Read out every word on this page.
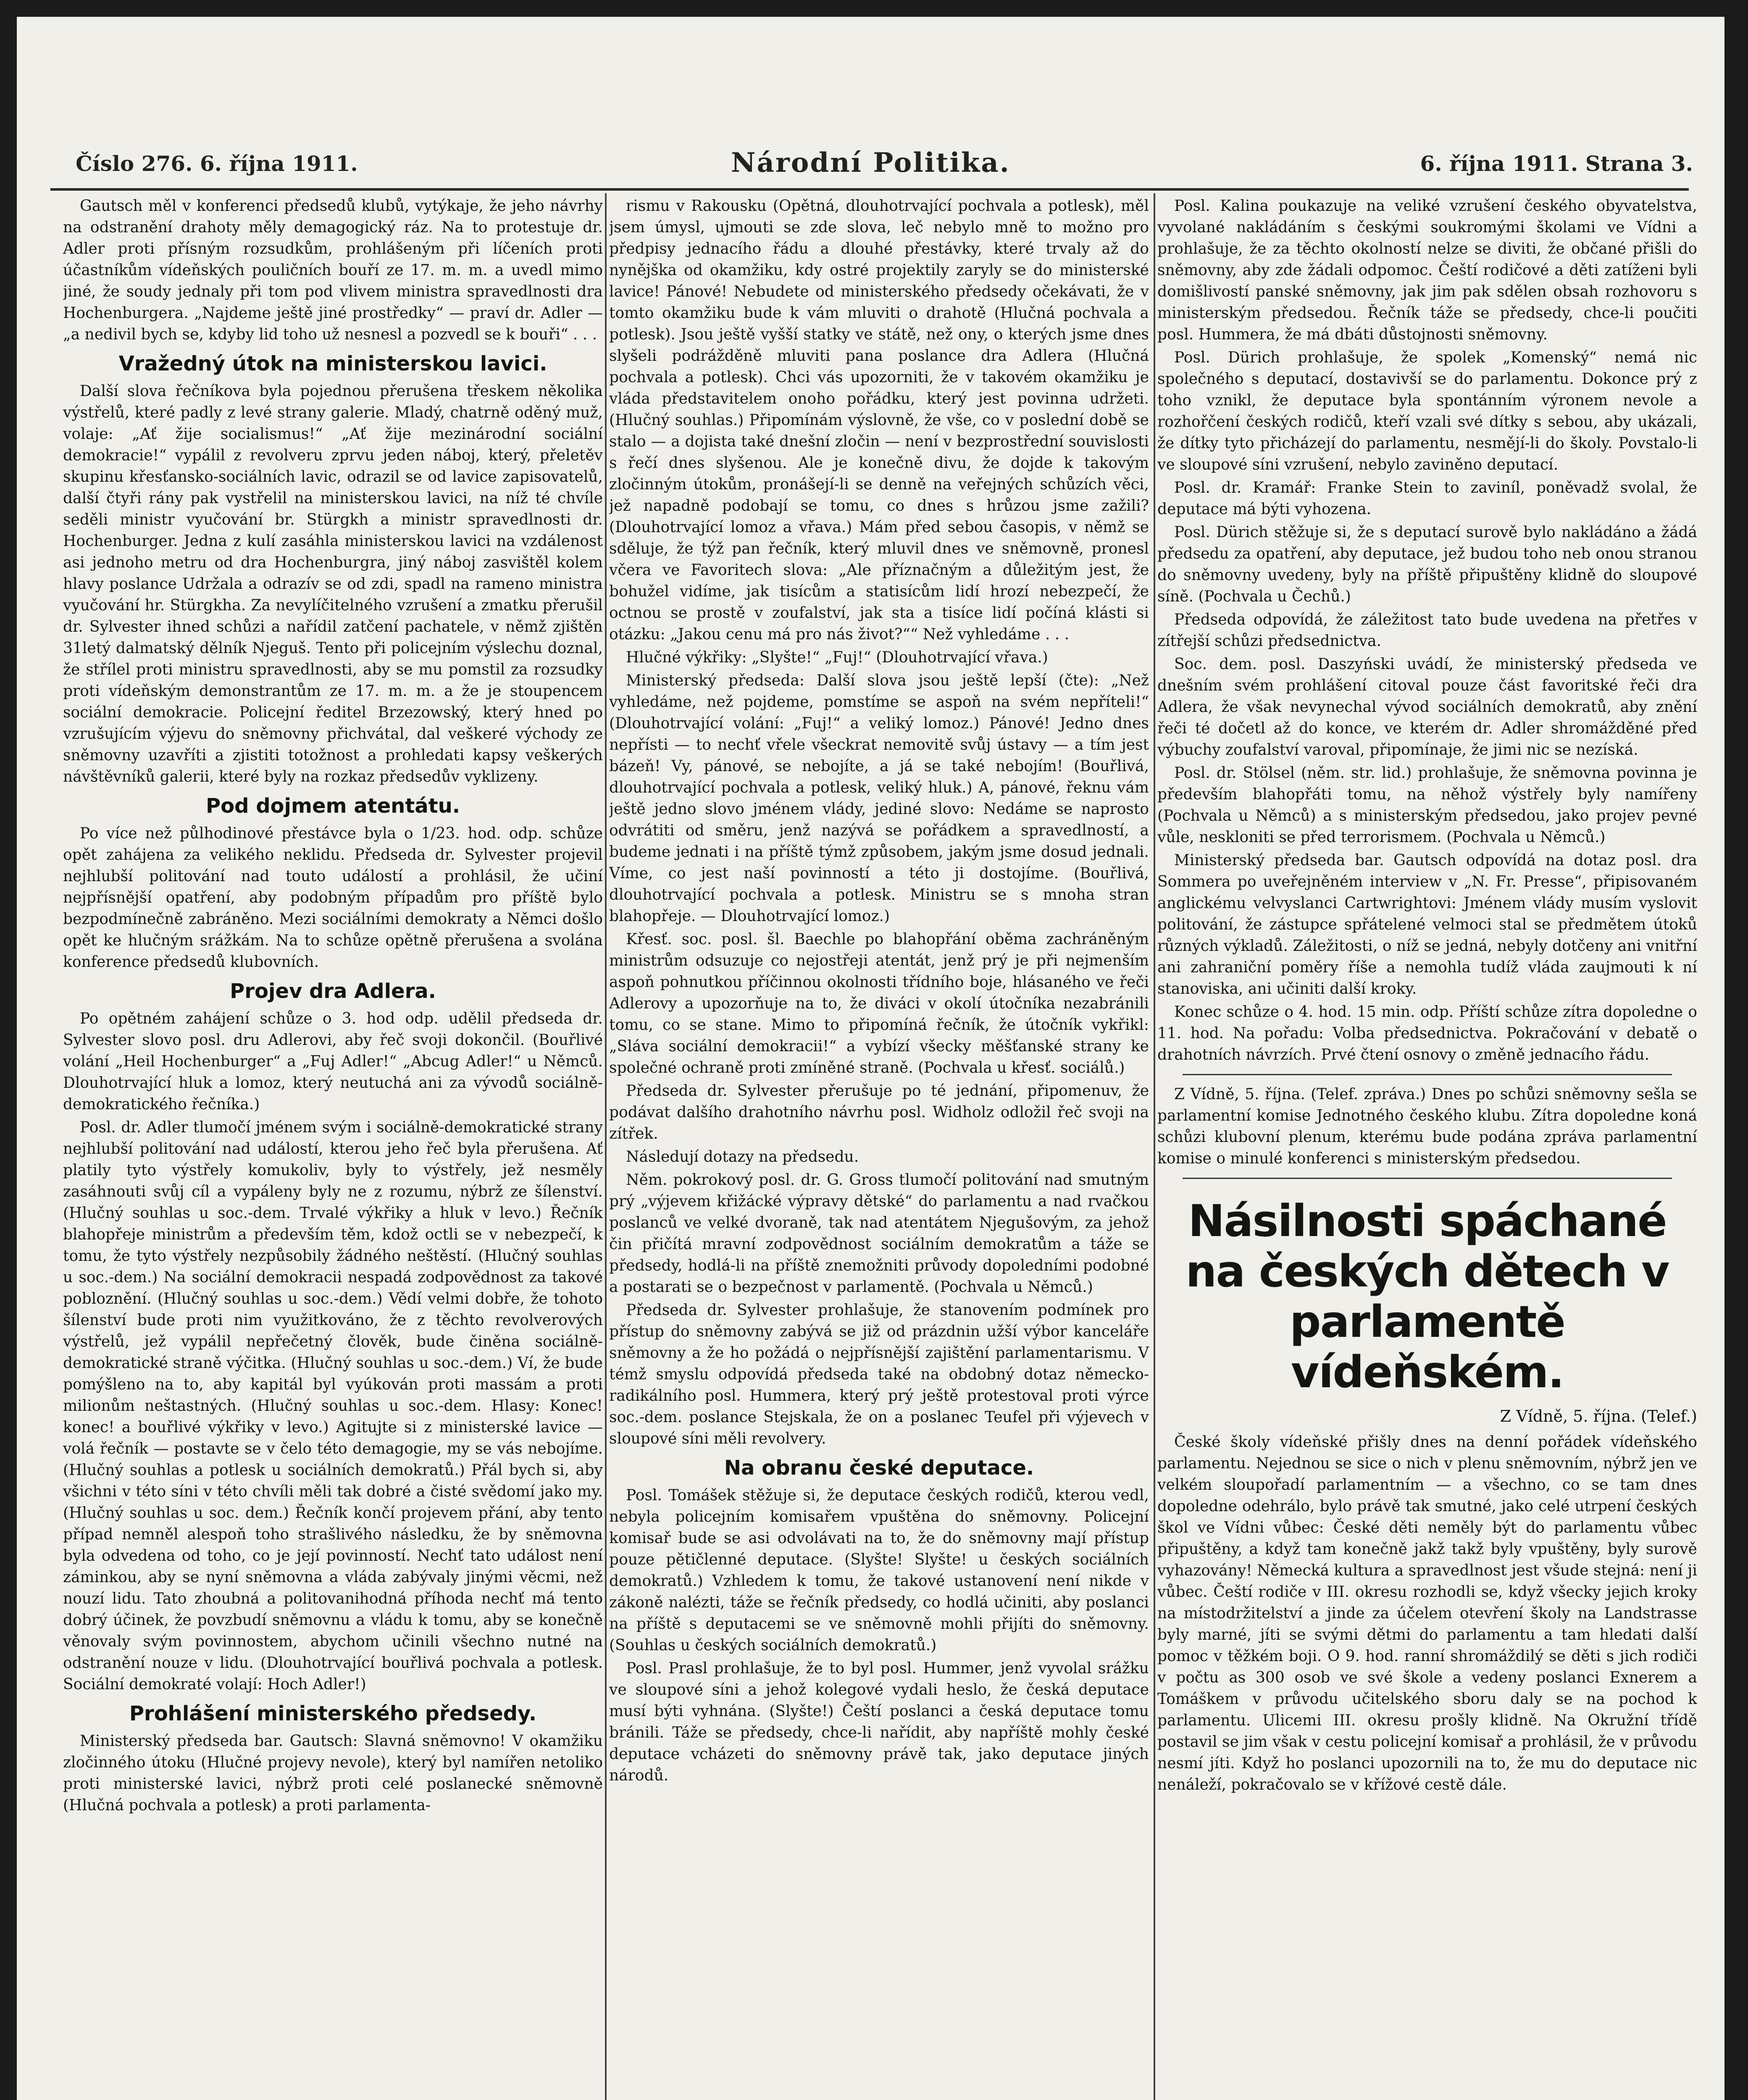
Číslo 276. 6. října 1911.	Národní Politika.	6. října 1911. Strana 3.

Gautsch měl v konferenci předsedů klubů, vytýkaje, že jeho návrhy na odstranění drahoty měly demagogický ráz. Na to protestuje dr. Adler proti přísným rozsudkům, prohlášeným při líčeních proti účastníkům vídeňských pouličních bouří ze 17. m. m. a uvedl mimo jiné, že soudy jednaly při tom pod vlivem ministra spravedlnosti dra Hochenburgera. „Najdeme ještě jiné prostředky“ — praví dr. Adler — „a nedivil bych se, kdyby lid toho už nesnesl a pozvedl se k bouři“ . . .

Vražedný útok na ministerskou lavici.

Další slova řečníkova byla pojednou přerušena třeskem několika výstřelů, které padly z levé strany galerie. Mladý, chatrně oděný muž, volaje: „Ať žije socialismus!“ „Ať žije mezinárodní sociální demokracie!“ vypálil z revolveru zprvu jeden náboj, který, přeletěv skupinu křesťansko-sociálních lavic, odrazil se od lavice zapisovatelů, další čtyři rány pak vystřelil na ministerskou lavici, na níž té chvíle seděli ministr vyučování br. Stürgkh a ministr spravedlnosti dr. Hochenburger. Jedna z kulí zasáhla ministerskou lavici na vzdálenost asi jednoho metru od dra Hochenburgra, jiný náboj zasvištěl kolem hlavy poslance Udržala a odrazív se od zdi, spadl na rameno ministra vyučování hr. Stürgkha. Za nevylíčitelného vzrušení a zmatku přerušil dr. Sylvester ihned schůzi a nařídil zatčení pachatele, v němž zjištěn 31letý dalmatský dělník Njeguš. Tento při policejním výslechu doznal, že střílel proti ministru spravedlnosti, aby se mu pomstil za rozsudky proti vídeňským demonstrantům ze 17. m. m. a že je stoupencem sociální demokracie. Policejní ředitel Brzezowský, který hned po vzrušujícím výjevu do sněmovny přichvátal, dal veškeré východy ze sněmovny uzavříti a zjistiti totožnost a prohledati kapsy veškerých návštěvníků galerii, které byly na rozkaz předsedův vyklizeny.

Pod dojmem atentátu.

Po více než půlhodinové přestávce byla o 1/23. hod. odp. schůze opět zahájena za velikého neklidu. Předseda dr. Sylvester projevil nejhlubší politování nad touto událostí a prohlásil, že učiní nejpřísnější opatření, aby podobným případům pro příště bylo bezpodmínečně zabráněno. Mezi sociálními demokraty a Němci došlo opět ke hlučným srážkám. Na to schůze opětně přerušena a svolána konference předsedů klubovních.

Projev dra Adlera.

Po opětném zahájení schůze o 3. hod odp. udělil předseda dr. Sylvester slovo posl. dru Adlerovi, aby řeč svoji dokončil. (Bouřlivé volání „Heil Hochenburger“ a „Fuj Adler!“ „Abcug Adler!“ u Němců. Dlouhotrvající hluk a lomoz, který neutuchá ani za vývodů sociálně-demokratického řečníka.)

Posl. dr. Adler tlumočí jménem svým i sociálně-demokratické strany nejhlubší politování nad událostí, kterou jeho řeč byla přerušena. Ať platily tyto výstřely komukoliv, byly to výstřely, jež nesměly zasáhnouti svůj cíl a vypáleny byly ne z rozumu, nýbrž ze šílenství. (Hlučný souhlas u soc.-dem. Trvalé výkřiky a hluk v levo.) Řečník blahopřeje ministrům a především těm, kdož octli se v nebezpečí, k tomu, že tyto výstřely nezpůsobily žádného neštěstí. (Hlučný souhlas u soc.-dem.) Na sociální demokracii nespadá zodpovědnost za takové pobloznění. (Hlučný souhlas u soc.-dem.) Vědí velmi dobře, že tohoto šílenství bude proti nim využitkováno, že z těchto revolverových výstřelů, jež vypálil nepřečetný člověk, bude činěna sociálně-demokratické straně výčitka. (Hlučný souhlas u soc.-dem.) Ví, že bude pomýšleno na to, aby kapitál byl vyúkován proti massám a proti milionům neštastných. (Hlučný souhlas u soc.-dem. Hlasy: Konec! konec! a bouřlivé výkřiky v levo.) Agitujte si z ministerské lavice — volá řečník — postavte se v čelo této demagogie, my se vás nebojíme. (Hlučný souhlas a potlesk u sociálních demokratů.) Přál bych si, aby všichni v této síni v této chvíli měli tak dobré a čisté svědomí jako my. (Hlučný souhlas u soc. dem.) Řečník končí projevem přání, aby tento případ nemněl alespoň toho strašlivého následku, že by sněmovna byla odvedena od toho, co je její povinností. Nechť tato událost není záminkou, aby se nyní sněmovna a vláda zabývaly jinými věcmi, než nouzí lidu. Tato zhoubná a politovanihodná příhoda nechť má tento dobrý účinek, že povzbudí sněmovnu a vládu k tomu, aby se konečně věnovaly svým povinnostem, abychom učinili všechno nutné na odstranění nouze v lidu. (Dlouhotrvající bouřlivá pochvala a potlesk. Sociální demokraté volají: Hoch Adler!)

Prohlášení ministerského předsedy.

Ministerský předseda bar. Gautsch: Slavná sněmovno! V okamžiku zločinného útoku (Hlučné projevy nevole), který byl namířen netoliko proti ministerské lavici, nýbrž proti celé poslanecké sněmovně (Hlučná pochvala a potlesk) a proti parlamenta-

rismu v Rakousku (Opětná, dlouhotrvající pochvala a potlesk), měl jsem úmysl, ujmouti se zde slova, leč nebylo mně to možno pro předpisy jednacího řádu a dlouhé přestávky, které trvaly až do nynějška od okamžiku, kdy ostré projektily zaryly se do ministerské lavice! Pánové! Nebudete od ministerského předsedy očekávati, že v tomto okamžiku bude k vám mluviti o drahotě (Hlučná pochvala a potlesk). Jsou ještě vyšší statky ve státě, než ony, o kterých jsme dnes slyšeli podrážděně mluviti pana poslance dra Adlera (Hlučná pochvala a potlesk). Chci vás upozorniti, že v takovém okamžiku je vláda představitelem onoho pořádku, který jest povinna udržeti. (Hlučný souhlas.) Připomínám výslovně, že vše, co v poslední době se stalo — a dojista také dnešní zločin — není v bezprostřední souvislosti s řečí dnes slyšenou. Ale je konečně divu, že dojde k takovým zločinným útokům, pronášejí-li se denně na veřejných schůzích věci, jež napadně podobají se tomu, co dnes s hrůzou jsme zažili? (Dlouhotrvající lomoz a vřava.) Mám před sebou časopis, v němž se sděluje, že týž pan řečník, který mluvil dnes ve sněmovně, pronesl včera ve Favoritech slova: „Ale příznačným a důležitým jest, že bohužel vidíme, jak tisícům a statisícům lidí hrozí nebezpečí, že octnou se prostě v zoufalství, jak sta a tisíce lidí počíná klásti si otázku: „Jakou cenu má pro nás život?““ Než vyhledáme . . .

Hlučné výkřiky: „Slyšte!“ „Fuj!“ (Dlouhotrvající vřava.)

Ministerský předseda: Další slova jsou ještě lepší (čte): „Než vyhledáme, než pojdeme, pomstíme se aspoň na svém nepříteli!“ (Dlouhotrvající volání: „Fuj!“ a veliký lomoz.) Pánové! Jedno dnes nepřísti — to nechť vřele všeckrat nemovitě svůj ústavy — a tím jest bázeň! Vy, pánové, se nebojíte, a já se také nebojím! (Bouřlivá, dlouhotrvající pochvala a potlesk, veliký hluk.) A, pánové, řeknu vám ještě jedno slovo jménem vlády, jediné slovo: Nedáme se naprosto odvrátiti od směru, jenž nazývá se pořádkem a spravedlností, a budeme jednati i na příště týmž způsobem, jakým jsme dosud jednali. Víme, co jest naší povinností a této ji dostojíme. (Bouřlivá, dlouhotrvající pochvala a potlesk. Ministru se s mnoha stran blahopřeje. — Dlouhotrvající lomoz.)

Křesť. soc. posl. šl. Baechle po blahopřání oběma zachráněným ministrům odsuzuje co nejostřeji atentát, jenž prý je při nejmenším aspoň pohnutkou příčinnou okolnosti třídního boje, hlásaného ve řeči Adlerovy a upozorňuje na to, že diváci v okolí útočníka nezabránili tomu, co se stane. Mimo to připomíná řečník, že útočník vykřikl: „Sláva sociální demokracii!“ a vybízí všecky měšťanské strany ke společné ochraně proti zmíněné straně. (Pochvala u křesť. sociálů.)

Předseda dr. Sylvester přerušuje po té jednání, připomenuv, že podávat dalšího drahotního návrhu posl. Widholz odložil řeč svoji na zítřek.

Následují dotazy na předsedu.

Něm. pokrokový posl. dr. G. Gross tlumočí politování nad smutným prý „výjevem křižácké výpravy dětské“ do parlamentu a nad rvačkou poslanců ve velké dvoraně, tak nad atentátem Njegušovým, za jehož čin přičítá mravní zodpovědnost sociálním demokratům a táže se předsedy, hodlá-li na příště znemožniti průvody dopoledními podobné a postarati se o bezpečnost v parlamentě. (Pochvala u Němců.)

Předseda dr. Sylvester prohlašuje, že stanovením podmínek pro přístup do sněmovny zabývá se již od prázdnin užší výbor kanceláře sněmovny a že ho požádá o nejpřísnější zajištění parlamentarismu. V témž smyslu odpovídá předseda také na obdobný dotaz německo-radikálního posl. Hummera, který prý ještě protestoval proti výrce soc.-dem. poslance Stejskala, že on a poslanec Teufel při výjevech v sloupové síni měli revolvery.

Na obranu české deputace.

Posl. Tomášek stěžuje si, že deputace českých rodičů, kterou vedl, nebyla policejním komisařem vpuštěna do sněmovny. Policejní komisař bude se asi odvolávati na to, že do sněmovny mají přístup pouze pětičlenné deputace. (Slyšte! Slyšte! u českých sociálních demokratů.) Vzhledem k tomu, že takové ustanovení není nikde v zákoně nalézti, táže se řečník předsedy, co hodlá učiniti, aby poslanci na příště s deputacemi se ve sněmovně mohli přijíti do sněmovny. (Souhlas u českých sociálních demokratů.)

Posl. Prasl prohlašuje, že to byl posl. Hummer, jenž vyvolal srážku ve sloupové síni a jehož kolegové vydali heslo, že česká deputace musí býti vyhnána. (Slyšte!) Čeští poslanci a česká deputace tomu bránili. Táže se předsedy, chce-li nařídit, aby napříště mohly české deputace vcházeti do sněmovny právě tak, jako deputace jiných národů.

Posl. Kalina poukazuje na veliké vzrušení českého obyvatelstva, vyvolané nakládáním s českými soukromými školami ve Vídni a prohlašuje, že za těchto okolností nelze se diviti, že občané přišli do sněmovny, aby zde žádali odpomoc. Čeští rodičové a děti zatíženi byli domišlivostí panské sněmovny, jak jim pak sdělen obsah rozhovoru s ministerským předsedou. Řečník táže se předsedy, chce-li poučiti posl. Hummera, že má dbáti důstojnosti sněmovny.

Posl. Dürich prohlašuje, že spolek „Komenský“ nemá nic společného s deputací, dostavivší se do parlamentu. Dokonce prý z toho vznikl, že deputace byla spontánním výronem nevole a rozhořčení českých rodičů, kteří vzali své dítky s sebou, aby ukázali, že dítky tyto přicházejí do parlamentu, nesmějí-li do školy. Povstalo-li ve sloupové síni vzrušení, nebylo zaviněno deputací.

Posl. dr. Kramář: Franke Stein to zaviníl, poněvadž svolal, že deputace má býti vyhozena.

Posl. Dürich stěžuje si, že s deputací surově bylo nakládáno a žádá předsedu za opatření, aby deputace, jež budou toho neb onou stranou do sněmovny uvedeny, byly na příště připuštěny klidně do sloupové síně. (Pochvala u Čechů.)

Předseda odpovídá, že záležitost tato bude uvedena na přetřes v zítřejší schůzi předsednictva.

Soc. dem. posl. Daszyński uvádí, že ministerský předseda ve dnešním svém prohlášení citoval pouze část favoritské řeči dra Adlera, že však nevynechal vývod sociálních demokratů, aby znění řeči té dočetl až do konce, ve kterém dr. Adler shromážděné před výbuchy zoufalství varoval, připomínaje, že jimi nic se nezíská.

Posl. dr. Stölsel (něm. str. lid.) prohlašuje, že sněmovna povinna je především blahopřáti tomu, na něhož výstřely byly namířeny (Pochvala u Němců) a s ministerským předsedou, jako projev pevné vůle, neskloniti se před terrorismem. (Pochvala u Němců.)

Ministerský předseda bar. Gautsch odpovídá na dotaz posl. dra Sommera po uveřejněném interview v „N. Fr. Presse“, připisovaném anglickému velvyslanci Cartwrightovi: Jménem vlády musím vyslovit politování, že zástupce spřátelené velmoci stal se předmětem útoků různých výkladů. Záležitosti, o níž se jedná, nebyly dotčeny ani vnitřní ani zahraniční poměry říše a nemohla tudíž vláda zaujmouti k ní stanoviska, ani učiniti další kroky.

Konec schůze o 4. hod. 15 min. odp. Příští schůze zítra dopoledne o 11. hod. Na pořadu: Volba předsednictva. Pokračování v debatě o drahotních návrzích. Prvé čtení osnovy o změně jednacího řádu.

Z Vídně, 5. října. (Telef. zpráva.) Dnes po schůzi sněmovny sešla se parlamentní komise Jednotného českého klubu. Zítra dopoledne koná schůzi klubovní plenum, kterému bude podána zpráva parlamentní komise o minulé konferenci s ministerským předsedou.

Násilnosti spáchané na českých dětech v parlamentě vídeňském.
Z Vídně, 5. října. (Telef.)

České školy vídeňské přišly dnes na denní pořádek vídeňského parlamentu. Nejednou se sice o nich v plenu sněmovním, nýbrž jen ve velkém sloupořadí parlamentním — a všechno, co se tam dnes dopoledne odehrálo, bylo právě tak smutné, jako celé utrpení českých škol ve Vídni vůbec: České děti neměly být do parlamentu vůbec připuštěny, a když tam konečně jakž takž byly vpuštěny, byly surově vyhazovány! Německá kultura a spravedlnost jest všude stejná: není ji vůbec. Čeští rodiče v III. okresu rozhodli se, když všecky jejich kroky na místodržitelství a jinde za účelem otevření školy na Landstrasse byly marné, jíti se svými dětmi do parlamentu a tam hledati další pomoc v těžkém boji. O 9. hod. ranní shromáždilý se děti s jich rodiči v počtu as 300 osob ve své škole a vedeny poslanci Exnerem a Tomáškem v průvodu učitelského sboru daly se na pochod k parlamentu. Ulicemi III. okresu prošly klidně. Na Okružní třídě postavil se jim však v cestu policejní komisař a prohlásil, že v průvodu nesmí jíti. Když ho poslanci upozornili na to, že mu do deputace nic nenáleží, pokračovalo se v křížové cestě dále.
